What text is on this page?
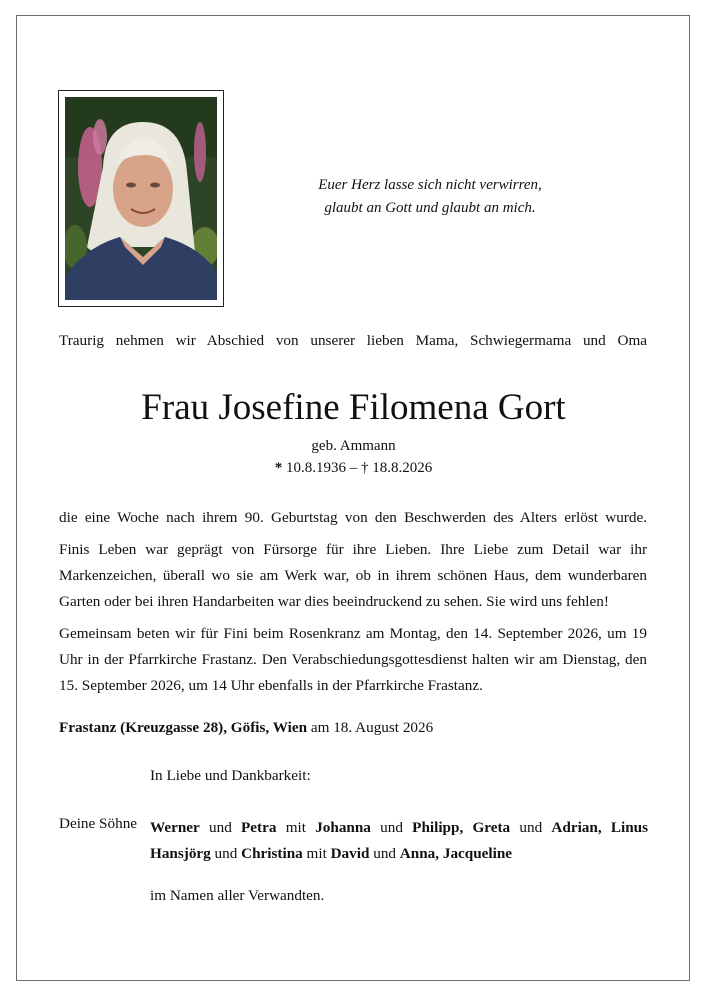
Euer Herz lasse sich nicht verwirren,
glaubt an Gott und glaubt an mich.
Traurig nehmen wir Abschied von unserer lieben Mama, Schwiegermama und Oma
Frau Josefine Filomena Gort
geb. Ammann
* 10.8.1936 – † 18.8.2026
die eine Woche nach ihrem 90. Geburtstag von den Beschwerden des Alters erlöst wurde.
Finis Leben war geprägt von Fürsorge für ihre Lieben. Ihre Liebe zum Detail war ihr Markenzeichen, überall wo sie am Werk war, ob in ihrem schönen Haus, dem wunderbaren Garten oder bei ihren Handarbeiten war dies beeindruckend zu sehen. Sie wird uns fehlen!
Gemeinsam beten wir für Fini beim Rosenkranz am Montag, den 14. September 2026, um 19 Uhr in der Pfarrkirche Frastanz. Den Verabschiedungsgottesdienst halten wir am Dienstag, den 15. September 2026, um 14 Uhr ebenfalls in der Pfarrkirche Frastanz.
Frastanz (Kreuzgasse 28), Göfis, Wien am 18. August 2026
In Liebe und Dankbarkeit:
Deine Söhne Werner und Petra mit Johanna und Philipp, Greta und Adrian, Linus
Hansjörg und Christina mit David und Anna, Jacqueline
im Namen aller Verwandten.
